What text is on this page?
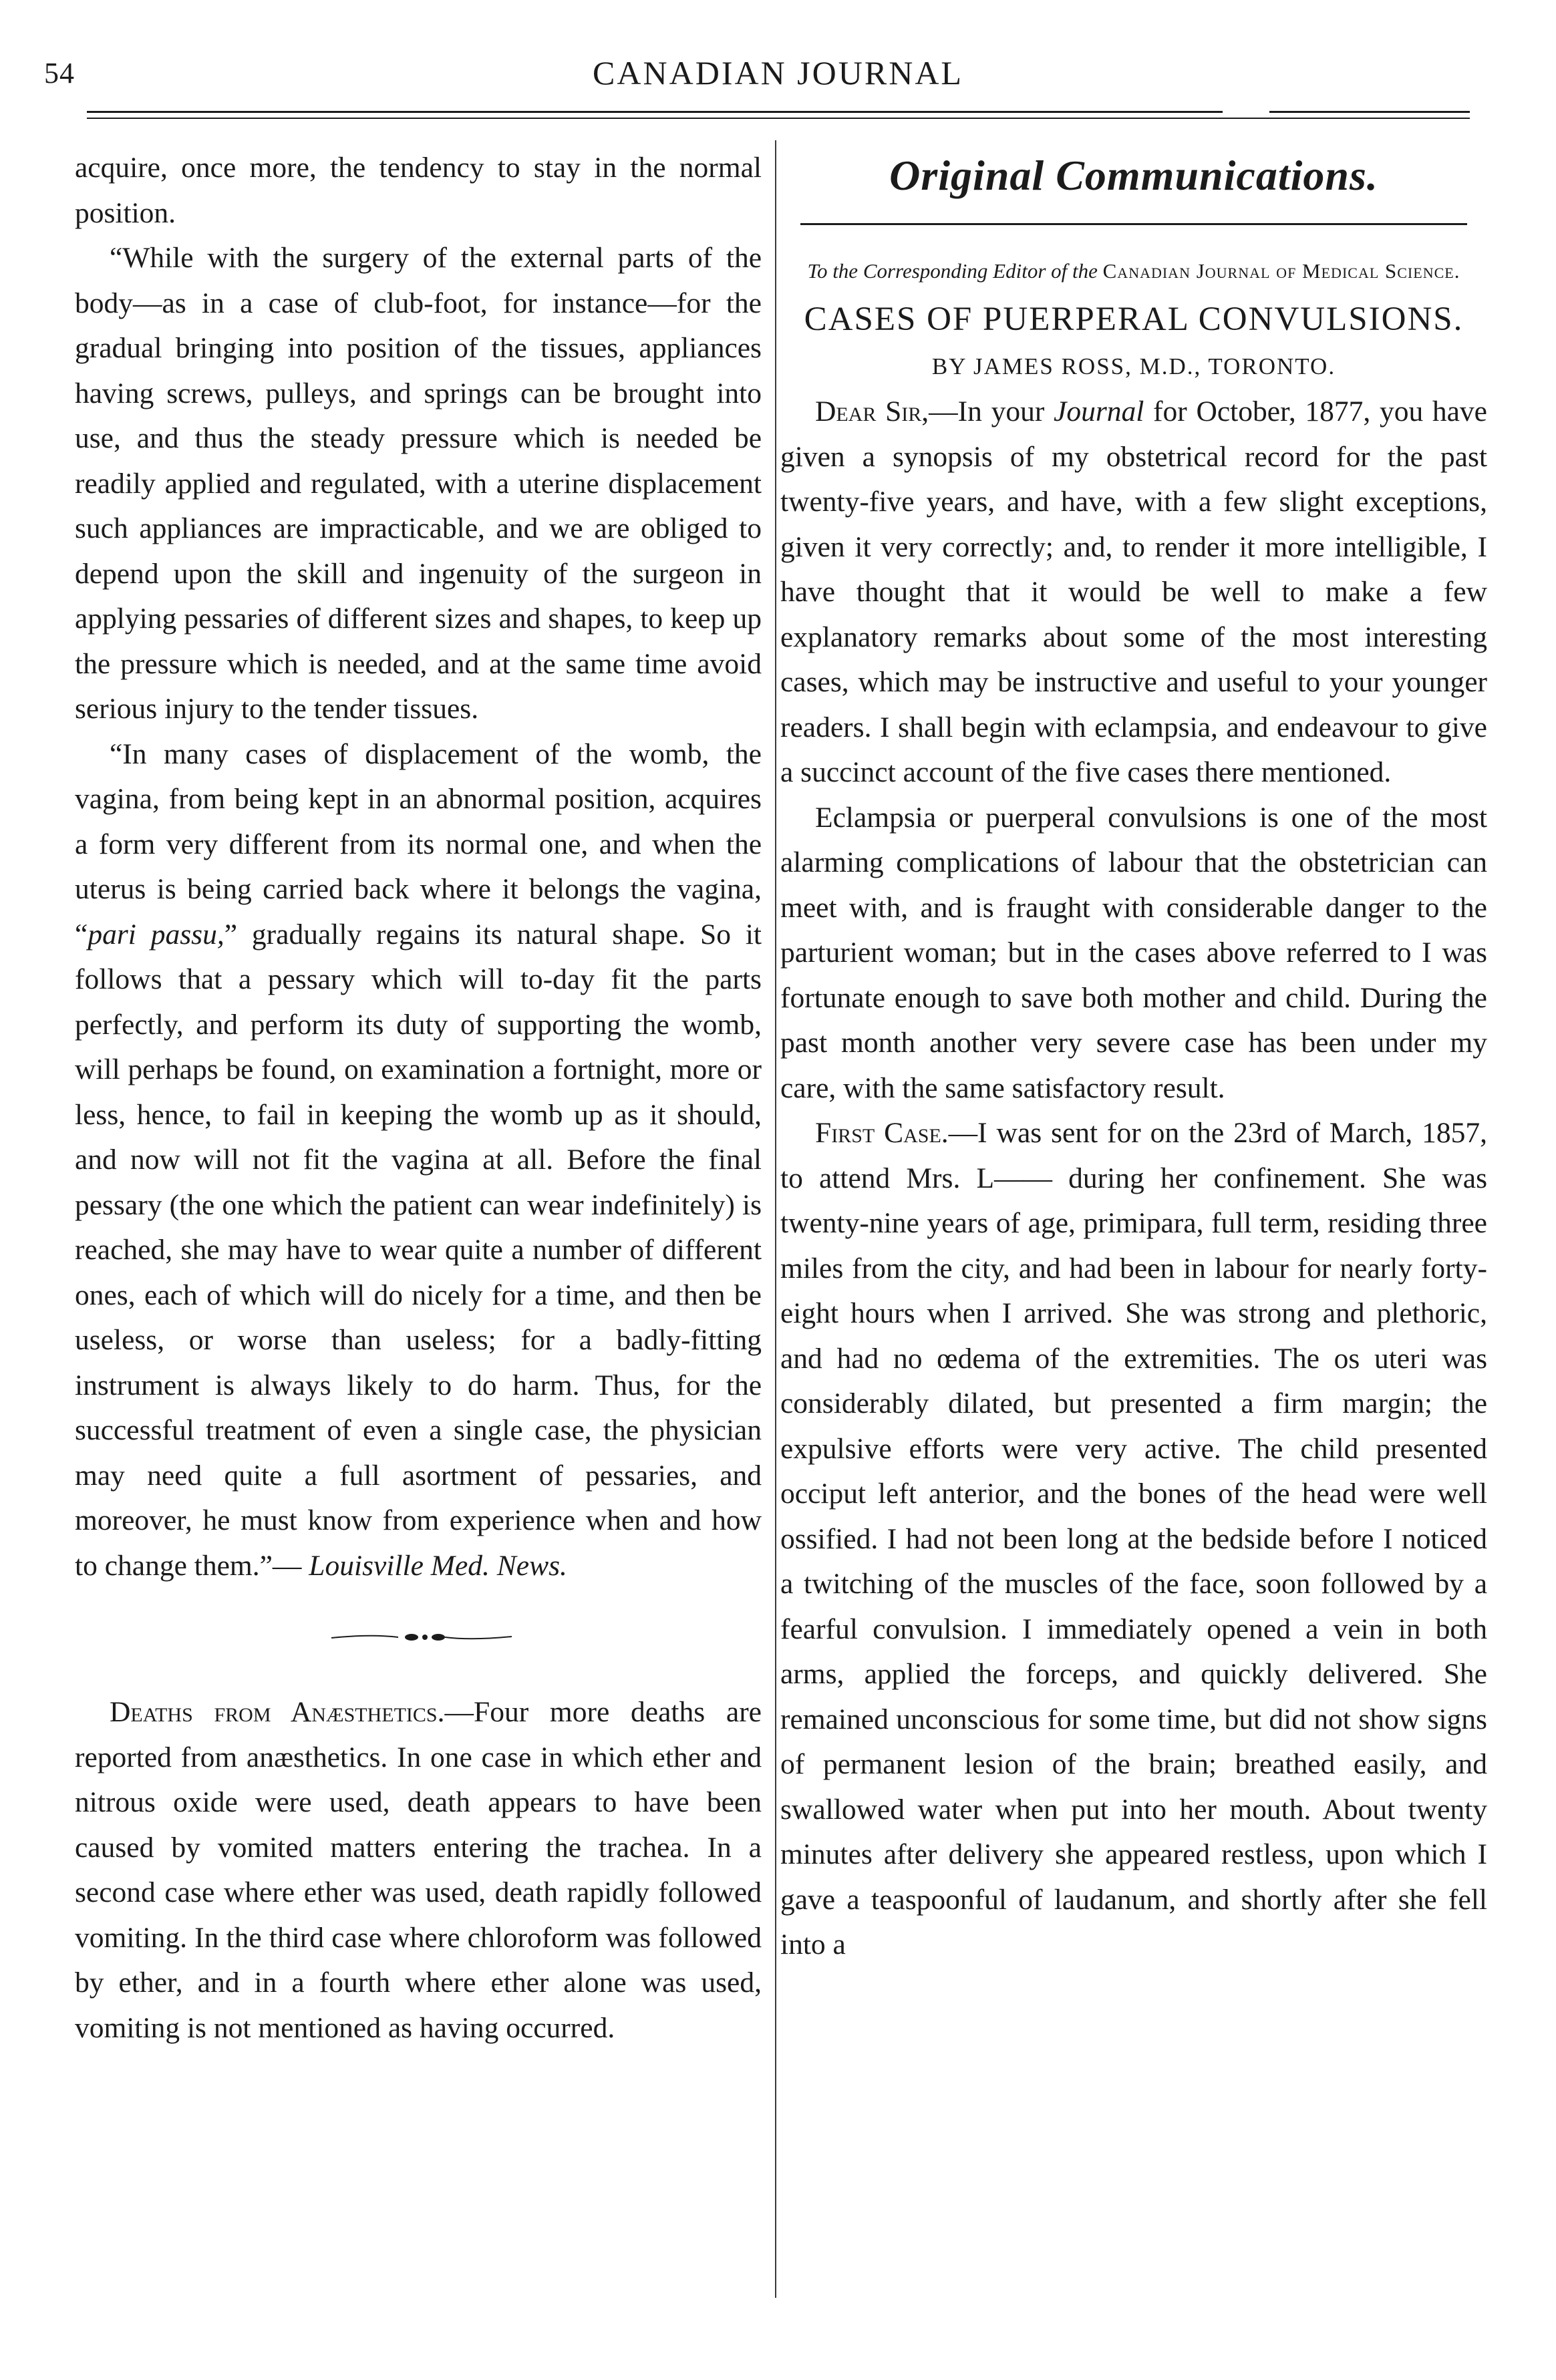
54	CANADIAN JOURNAL

acquire, once more, the tendency to stay in the normal position.

“While with the surgery of the external parts of the body—as in a case of club-foot, for instance—for the gradual bringing into position of the tissues, appliances having screws, pulleys, and springs can be brought into use, and thus the steady pressure which is needed be readily applied and regulated, with a uterine displacement such appliances are impracticable, and we are obliged to depend upon the skill and ingenuity of the surgeon in applying pessaries of different sizes and shapes, to keep up the pressure which is needed, and at the same time avoid serious injury to the tender tissues.

“In many cases of displacement of the womb, the vagina, from being kept in an abnormal position, acquires a form very different from its normal one, and when the uterus is being carried back where it belongs the vagina, “pari passu,” gradually regains its natural shape. So it follows that a pessary which will to-day fit the parts perfectly, and perform its duty of supporting the womb, will perhaps be found, on examination a fortnight, more or less, hence, to fail in keeping the womb up as it should, and now will not fit the vagina at all. Before the final pessary (the one which the patient can wear indefinitely) is reached, she may have to wear quite a number of different ones, each of which will do nicely for a time, and then be useless, or worse than useless; for a badly-fitting instrument is always likely to do harm. Thus, for the successful treatment of even a single case, the physician may need quite a full asortment of pessaries, and moreover, he must know from experience when and how to change them.”— Louisville Med. News.

Deaths from Anæsthetics.—Four more deaths are reported from anæsthetics. In one case in which ether and nitrous oxide were used, death appears to have been caused by vomited matters entering the trachea. In a second case where ether was used, death rapidly followed vomiting. In the third case where chloroform was followed by ether, and in a fourth where ether alone was used, vomiting is not mentioned as having occurred.

Original Communications.
To the Corresponding Editor of the Canadian Journal of Medical Science.
CASES OF PUERPERAL CONVULSIONS.
BY JAMES ROSS, M.D., TORONTO.

Dear Sir,—In your Journal for October, 1877, you have given a synopsis of my obstetrical record for the past twenty-five years, and have, with a few slight exceptions, given it very correctly; and, to render it more intelligible, I have thought that it would be well to make a few explanatory remarks about some of the most interesting cases, which may be instructive and useful to your younger readers. I shall begin with eclampsia, and endeavour to give a succinct account of the five cases there mentioned.

Eclampsia or puerperal convulsions is one of the most alarming complications of labour that the obstetrician can meet with, and is fraught with considerable danger to the parturient woman; but in the cases above referred to I was fortunate enough to save both mother and child. During the past month another very severe case has been under my care, with the same satisfactory result.

First Case.—I was sent for on the 23rd of March, 1857, to attend Mrs. L—— during her confinement. She was twenty-nine years of age, primipara, full term, residing three miles from the city, and had been in labour for nearly forty-eight hours when I arrived. She was strong and plethoric, and had no œdema of the extremities. The os uteri was considerably dilated, but presented a firm margin; the expulsive efforts were very active. The child presented occiput left anterior, and the bones of the head were well ossified. I had not been long at the bedside before I noticed a twitching of the muscles of the face, soon followed by a fearful convulsion. I immediately opened a vein in both arms, applied the forceps, and quickly delivered. She remained unconscious for some time, but did not show signs of permanent lesion of the brain; breathed easily, and swallowed water when put into her mouth. About twenty minutes after delivery she appeared restless, upon which I gave a teaspoonful of laudanum, and shortly after she fell into a
